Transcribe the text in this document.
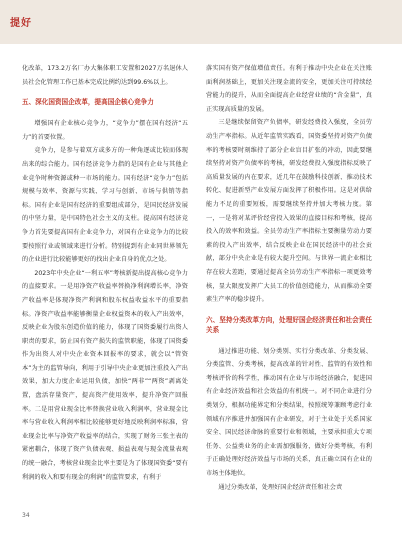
提好

化改革，173.2万名厂办大集体职工安置和2027万名退休人员社会化管理工作已基本完成比例约达到99.6%以上。

五、深化国资国企改革，提高国企核心竞争力

增强国有企业核心竞争力，“竞争力”摆在国有经济“五力”的首要位置。

竞争力，是参与着双方或多方的一种角逐或比较而体现出来的综合能力。国有经济竞争力指的是国有企业与其他企业竞争时种资源或种一市场的能力。国有经济“竞争力”包括规模与效率、资源与实践、学习与创新、市场与供销等指标。国有企业是国有经济的重要组成部分，是国民经济发展的中坚力量，是中国特色社会主义的支柱。提高国有经济竞争力首先要提高国有企业竞争力，对国有企业竞争力的比较要按照行业或领域来进行分析。特别提到有企业同世界领先的企业进行比较能够更好的找出企业自身的优点之处。

2023年中央企业“一利五率”考核新提出提高核心竞争力的直接要求。一是用净资产收益率替换净利润增长率，净资产收益率是体现净资产利润和股东权益收益水平的重要指标。净资产收益率能够衡量企业权益资本的收入产出效率，反映企业为股东创造价值的能力，体现了国资委履行出资人职责的要求，防止国有资产损失的监管职能，体现了国资委作为出资人对中央企业资本回报率的要求，就会以“管资本”为主的监管导向，利用于引导中央企业更加注重投入产出效果，加大力度企业运用负债，加快“两非”“两资”剥离处置，盘活存量资产，提高资产使用效率，提升净资产回报率。二是用营业现金比率替换营业收入利润率，营业现金比率与营业收入利润率相比较能够更好地反映利润率标准，营业现金比率与净资产收益率的结合，实现了财务三张主表的紧密耦合，体现了资产负债表观、损益表观与现金流量表观的统一融合，考核营业现金比率主要是为了体现国资委“要有利润的收入和要有现金的利润”的监管要求，有利于

落实国有资产保值增值责任。有利于推动中央企业在关注账面利润基础上，更加关注现金流的安全，更加关注可持续经营能力的提升，从而全面提高企业经营业绩的“含金量”，真正实现高质量的发展。

三是继续保留资产负债率，研发经费投入强度，全员劳动生产率指标。从近年监管实践看，国资委坚持对资产负债率的考核要时刻维持了部分企业盲目扩张的冲动，因此要继续坚持对资产负债率的考核，研发经费投入强度指标反映了高质量发展的内在要求，近几年在鼓励科技创新、推动技术转化、促进新型产业发展方面发挥了积极作用。这是对供给能力不足的重要短板，需要继续坚持并加大考核力度。第一，一是将对某评价经营投入效果的直接目标和考核，提高投入的效率和效益。全员劳动生产率指标主要衡量劳动力要素的投入产出效率，结合反映企业在国民经济中的社会贡献，部分中央企业是有较大提升空间。与世界一流企业相比存在较大差距，要通过提高全员劳动生产率指标一项更效考核，显大限度发挥广大员工的价值创造能力，从而推动全要素生产率的稳步提升。

六、坚持分类改革方向，处理好国企经济责任和社会责任关系

通过推进功能、划分类别、实行分类改革、分类发展、分类监管、分类考核，提高改革的针对性、监管的有效性和考核评价的科学性，推动国有企业与市场经济融合，促进国有企业经济效益和社会效益的有机统一。对不同企业进行分类划分，根据功能界定和分类结果，按照统筹兼顾考虑行业领域有序推进并加强国有企业研发，对于主业处于关系国家安全、国民经济命脉的重要行业和领域，主要承担重大专项任务、公益类业务的企业需加强服务，做好分类考核，有利于正确处理好经济效益与市场的关系，真正确立国有企业的市场主体地位。

通过分类改革，处理好国企经济责任和社会责

34
